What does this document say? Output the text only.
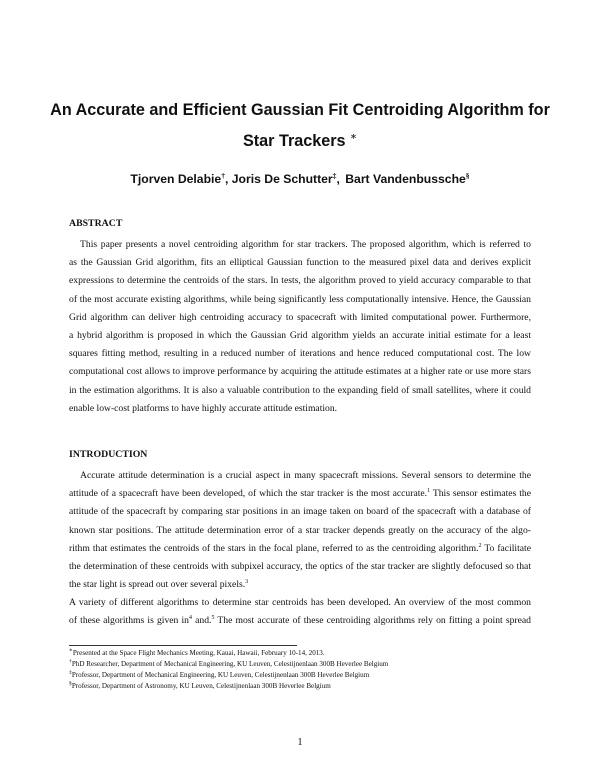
An Accurate and Efficient Gaussian Fit Centroiding Algorithm for
Star Trackers ∗
Tjorven Delabie†, Joris De Schutter‡, Bart Vandenbussche§
ABSTRACT
This paper presents a novel centroiding algorithm for star trackers. The proposed algorithm, which is referred to
as the Gaussian Grid algorithm, fits an elliptical Gaussian function to the measured pixel data and derives explicit
expressions to determine the centroids of the stars. In tests, the algorithm proved to yield accuracy comparable to that
of the most accurate existing algorithms, while being significantly less computationally intensive. Hence, the Gaussian
Grid algorithm can deliver high centroiding accuracy to spacecraft with limited computational power. Furthermore,
a hybrid algorithm is proposed in which the Gaussian Grid algorithm yields an accurate initial estimate for a least
squares fitting method, resulting in a reduced number of iterations and hence reduced computational cost. The low
computational cost allows to improve performance by acquiring the attitude estimates at a higher rate or use more stars
in the estimation algorithms. It is also a valuable contribution to the expanding field of small satellites, where it could
enable low-cost platforms to have highly accurate attitude estimation.
INTRODUCTION
Accurate attitude determination is a crucial aspect in many spacecraft missions. Several sensors to determine the
attitude of a spacecraft have been developed, of which the star tracker is the most accurate.$^1$ This sensor estimates the
attitude of the spacecraft by comparing star positions in an image taken on board of the spacecraft with a database of
known star positions. The attitude determination error of a star tracker depends greatly on the accuracy of the algo-
rithm that estimates the centroids of the stars in the focal plane, referred to as the centroiding algorithm.$^2$ To facilitate
the determination of these centroids with subpixel accuracy, the optics of the star tracker are slightly defocused so that
the star light is spread out over several pixels.$^3$
A variety of different algorithms to determine star centroids has been developed. An overview of the most common
of these algorithms is given $in^4$ and.$^5$ The most accurate of these centroiding algorithms rely on fitting a point spread
∗Presented at the Space Flight Mechanics Meeting, Kauai, Hawaii, February 10-14, 2013.
†PhD Researcher, Department of Mechanical Engineering, KU Leuven, Celestijnenlaan 300B Heverlee Belgium
‡Professor, Department of Mechanical Engineering, KU Leuven, Celestijnenlaan 300B Heverlee Belgium
§Professor, Department of Astronomy, KU Leuven, Celestijnenlaan 300B Heverlee Belgium
1
